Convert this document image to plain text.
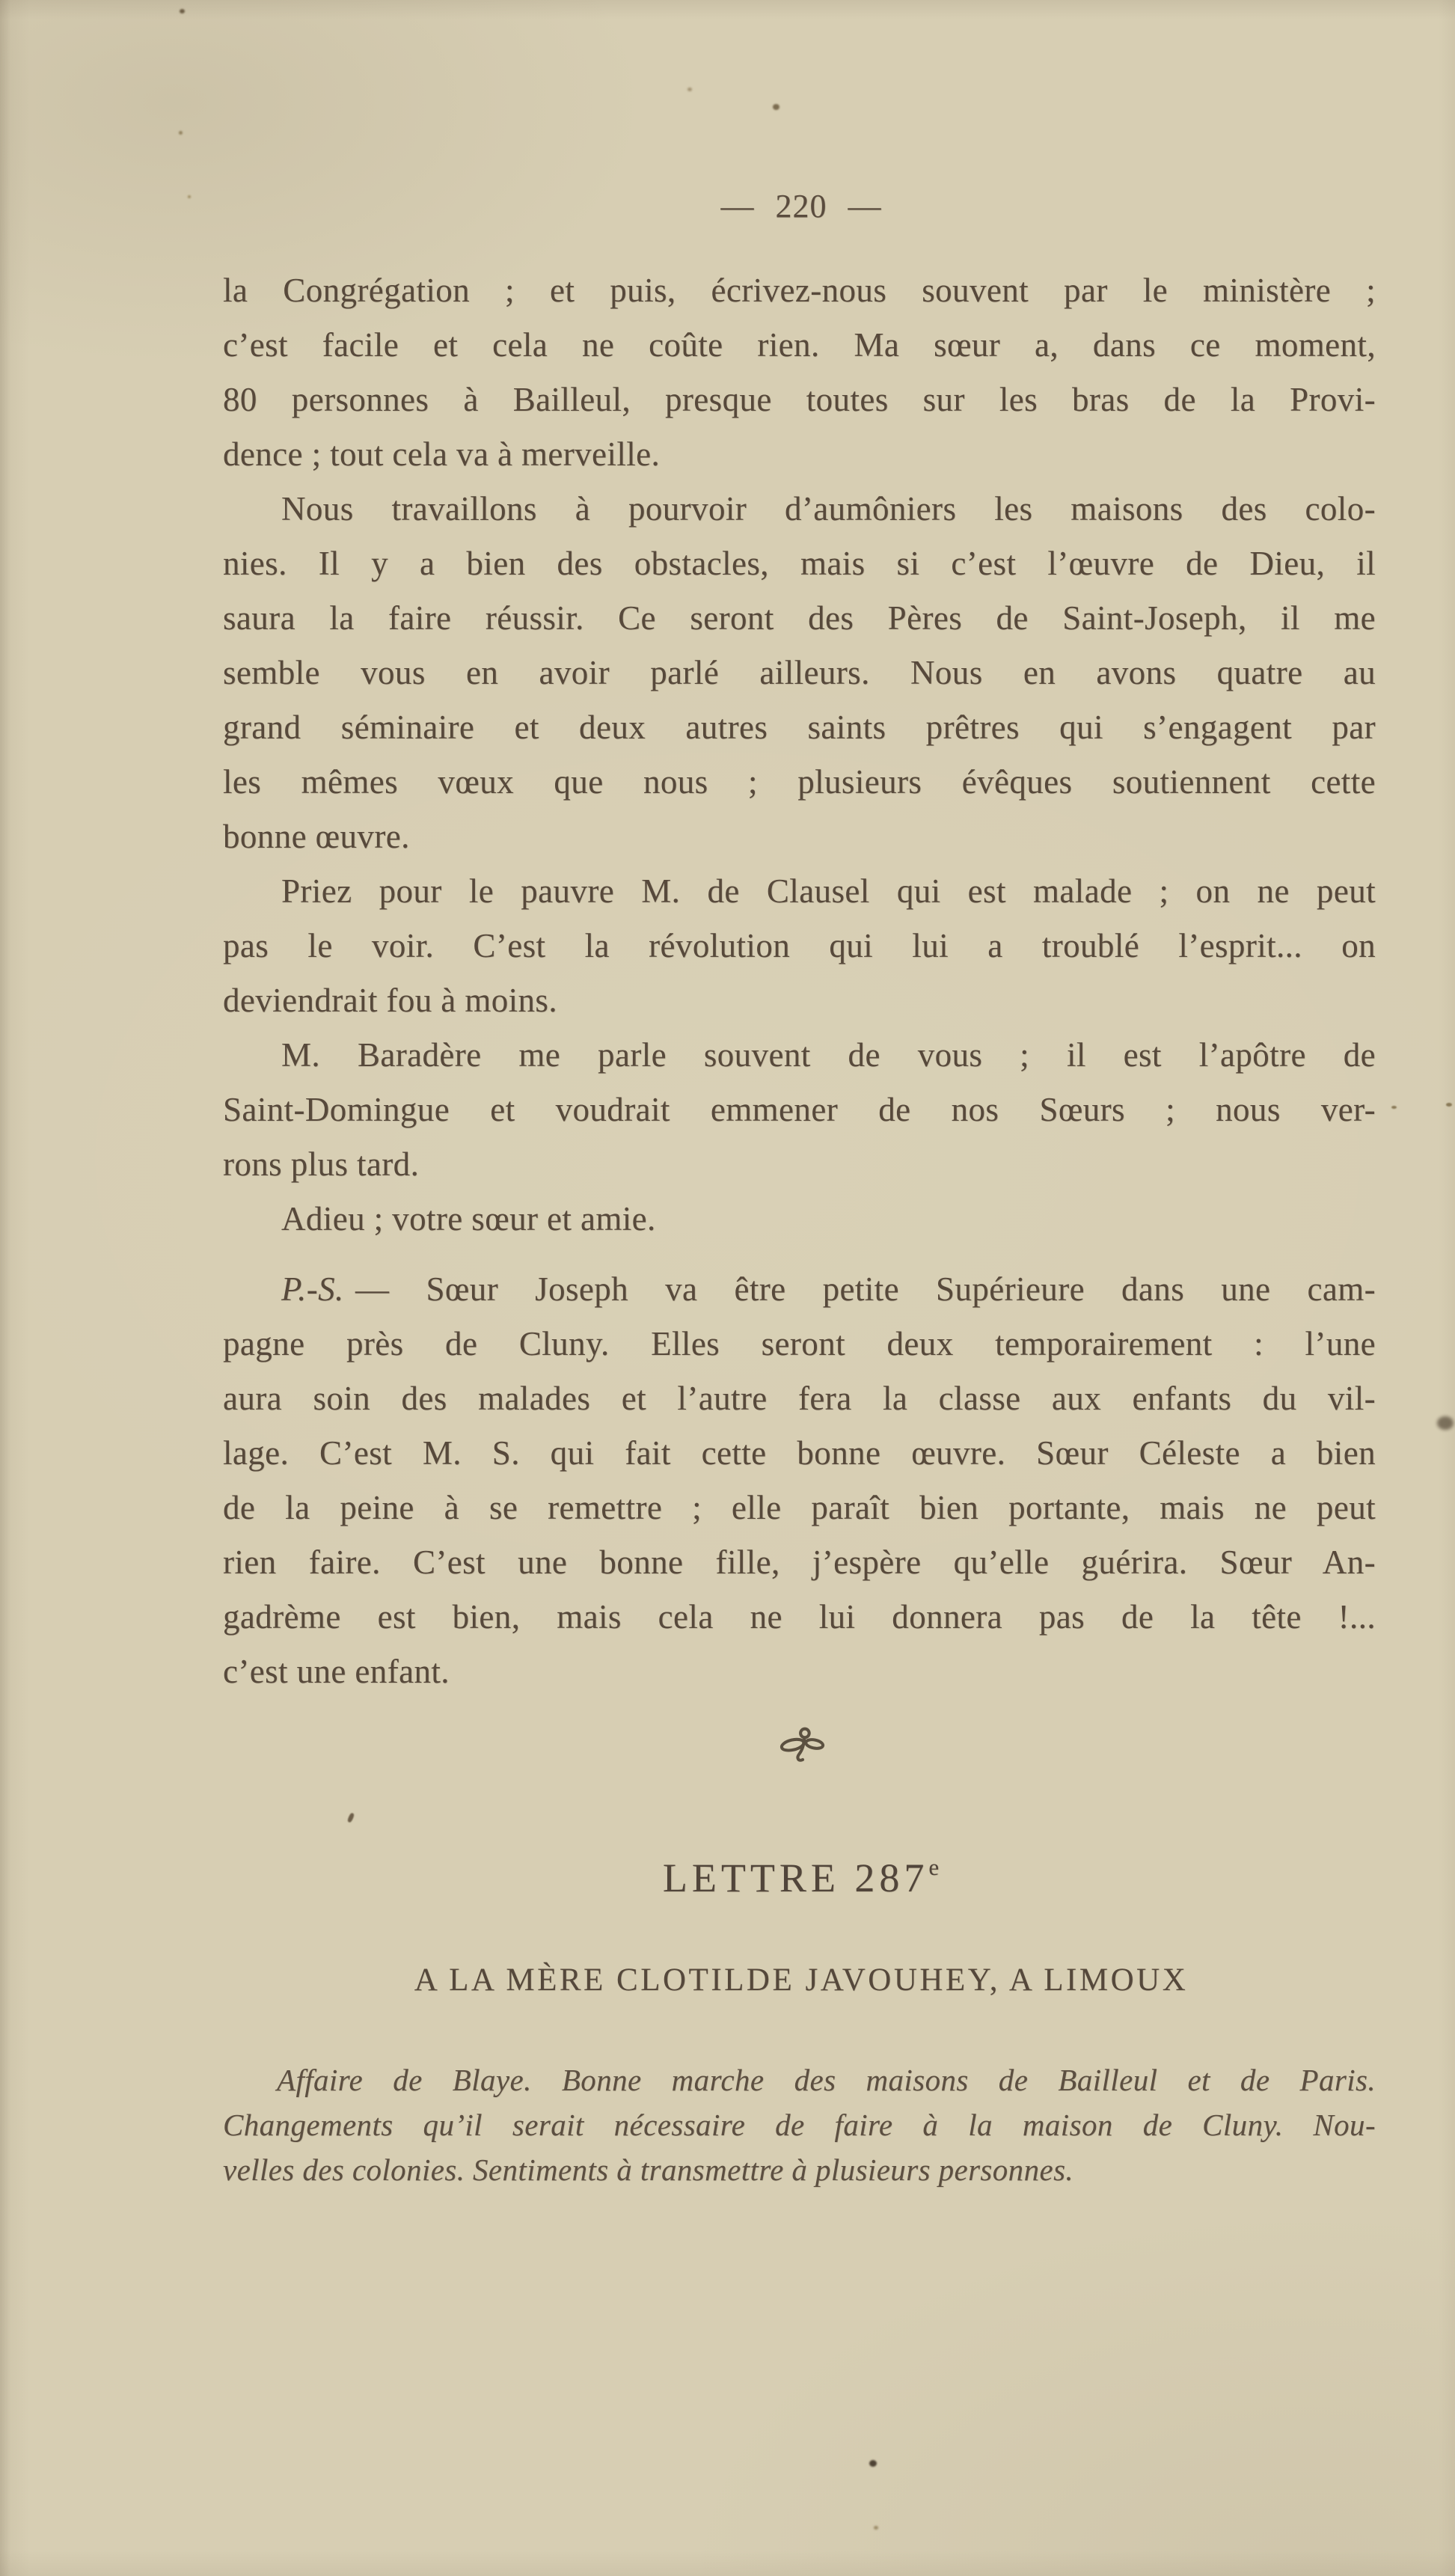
— 220 —
la Congrégation ; et puis, écrivez-nous souvent par le ministère ;
c’est facile et cela ne coûte rien. Ma sœur a, dans ce moment,
80 personnes à Bailleul, presque toutes sur les bras de la Provi-
dence ; tout cela va à merveille.
Nous travaillons à pourvoir d’aumôniers les maisons des colo-
nies. Il y a bien des obstacles, mais si c’est l’œuvre de Dieu, il
saura la faire réussir. Ce seront des Pères de Saint-Joseph, il me
semble vous en avoir parlé ailleurs. Nous en avons quatre au
grand séminaire et deux autres saints prêtres qui s’engagent par
les mêmes vœux que nous ; plusieurs évêques soutiennent cette
bonne œuvre.
Priez pour le pauvre M. de Clausel qui est malade ; on ne peut
pas le voir. C’est la révolution qui lui a troublé l’esprit... on
deviendrait fou à moins.
M. Baradère me parle souvent de vous ; il est l’apôtre de
Saint-Domingue et voudrait emmener de nos Sœurs ; nous ver-
rons plus tard.
Adieu ; votre sœur et amie.
P.-S. — Sœur Joseph va être petite Supérieure dans une cam-
pagne près de Cluny. Elles seront deux temporairement : l’une
aura soin des malades et l’autre fera la classe aux enfants du vil-
lage. C’est M. S. qui fait cette bonne œuvre. Sœur Céleste a bien
de la peine à se remettre ; elle paraît bien portante, mais ne peut
rien faire. C’est une bonne fille, j’espère qu’elle guérira. Sœur An-
gadrème est bien, mais cela ne lui donnera pas de la tête !...
c’est une enfant.
LETTRE 287e
A LA MÈRE CLOTILDE JAVOUHEY, A LIMOUX
Affaire de Blaye. Bonne marche des maisons de Bailleul et de Paris.
Changements qu’il serait nécessaire de faire à la maison de Cluny. Nou-
velles des colonies. Sentiments à transmettre à plusieurs personnes.
